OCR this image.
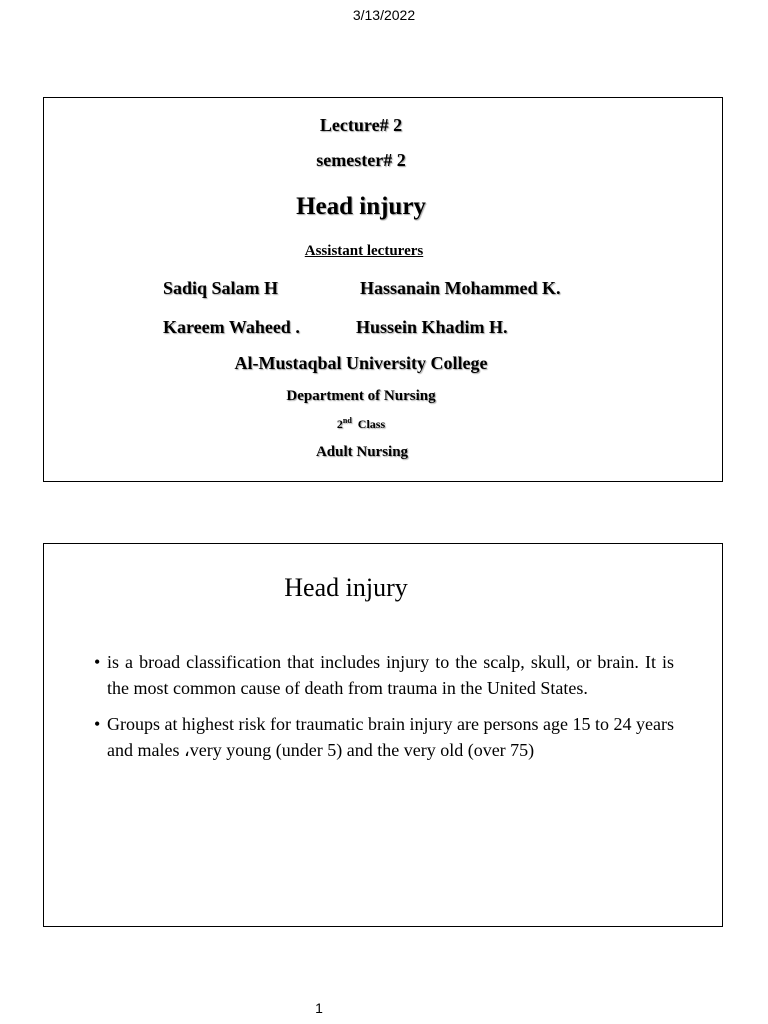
3/13/2022
Lecture# 2
semester# 2
Head injury
Assistant lecturers
Sadiq Salam H	Hassanain Mohammed K.
Kareem Waheed .	Hussein Khadim H.
Al-Mustaqbal University College
Department of Nursing
2nd Class
Adult Nursing
Head injury
• is a broad classification that includes injury to the scalp, skull, or brain. It is the most common cause of death from trauma in the United States.
• Groups at highest risk for traumatic brain injury are persons age 15 to 24 years and males ،very young (under 5) and the very old (over 75)
1
